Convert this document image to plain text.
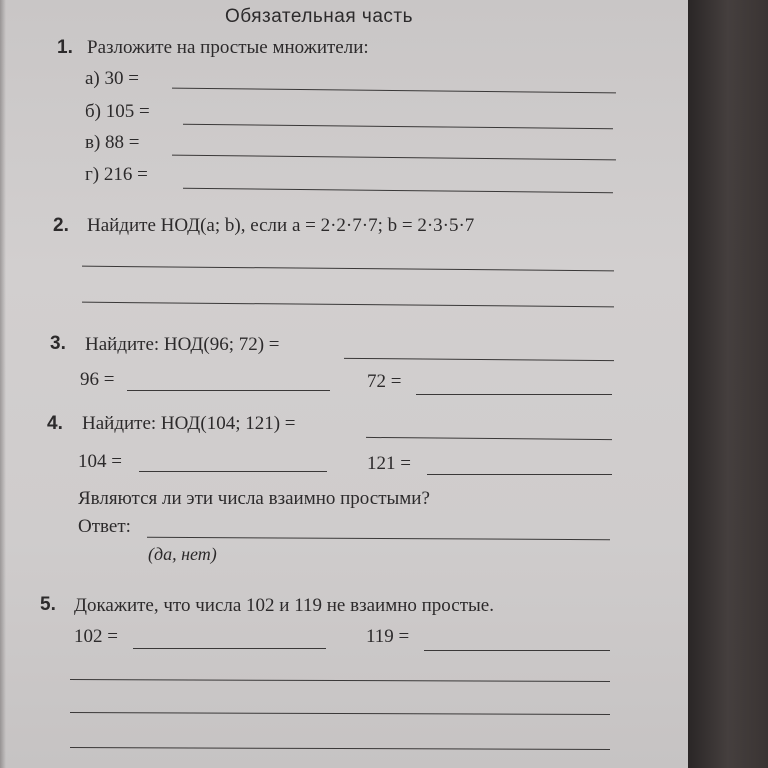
Обязательная часть
1. Разложите на простые множители:
а) 30 =
б) 105 =
в) 88 =
г) 216 =
2. Найдите НОД(a; b), если a = 2·2·7·7; b = 2·3·5·7
3. Найдите: НОД(96; 72) =
96 =	72 =
4. Найдите: НОД(104; 121) =
104 =	121 =
Являются ли эти числа взаимно простыми?
Ответ:
(да, нет)
5. Докажите, что числа 102 и 119 не взаимно простые.
102 =	119 =
